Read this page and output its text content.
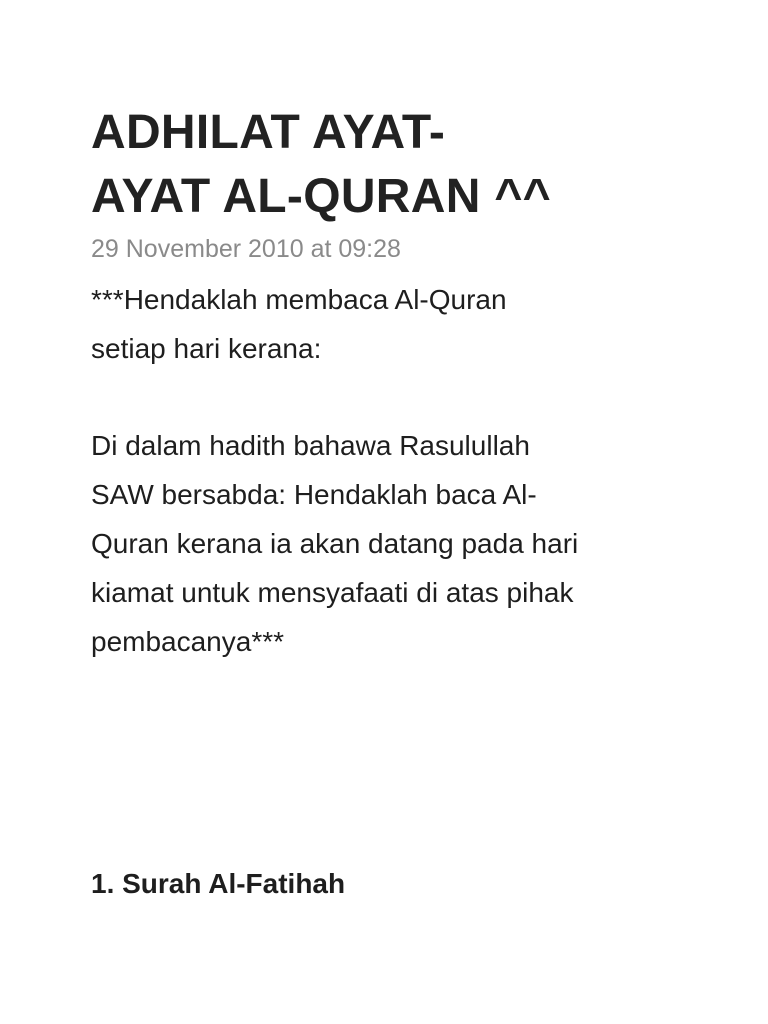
ADHILAT AYAT-
AYAT AL-QURAN ^^
29 November 2010 at 09:28

***Hendaklah membaca Al-Quran
setiap hari kerana:

Di dalam hadith bahawa Rasulullah
SAW bersabda: Hendaklah baca Al-
Quran kerana ia akan datang pada hari
kiamat untuk mensyafaati di atas pihak
pembacanya***

1. Surah Al-Fatihah
